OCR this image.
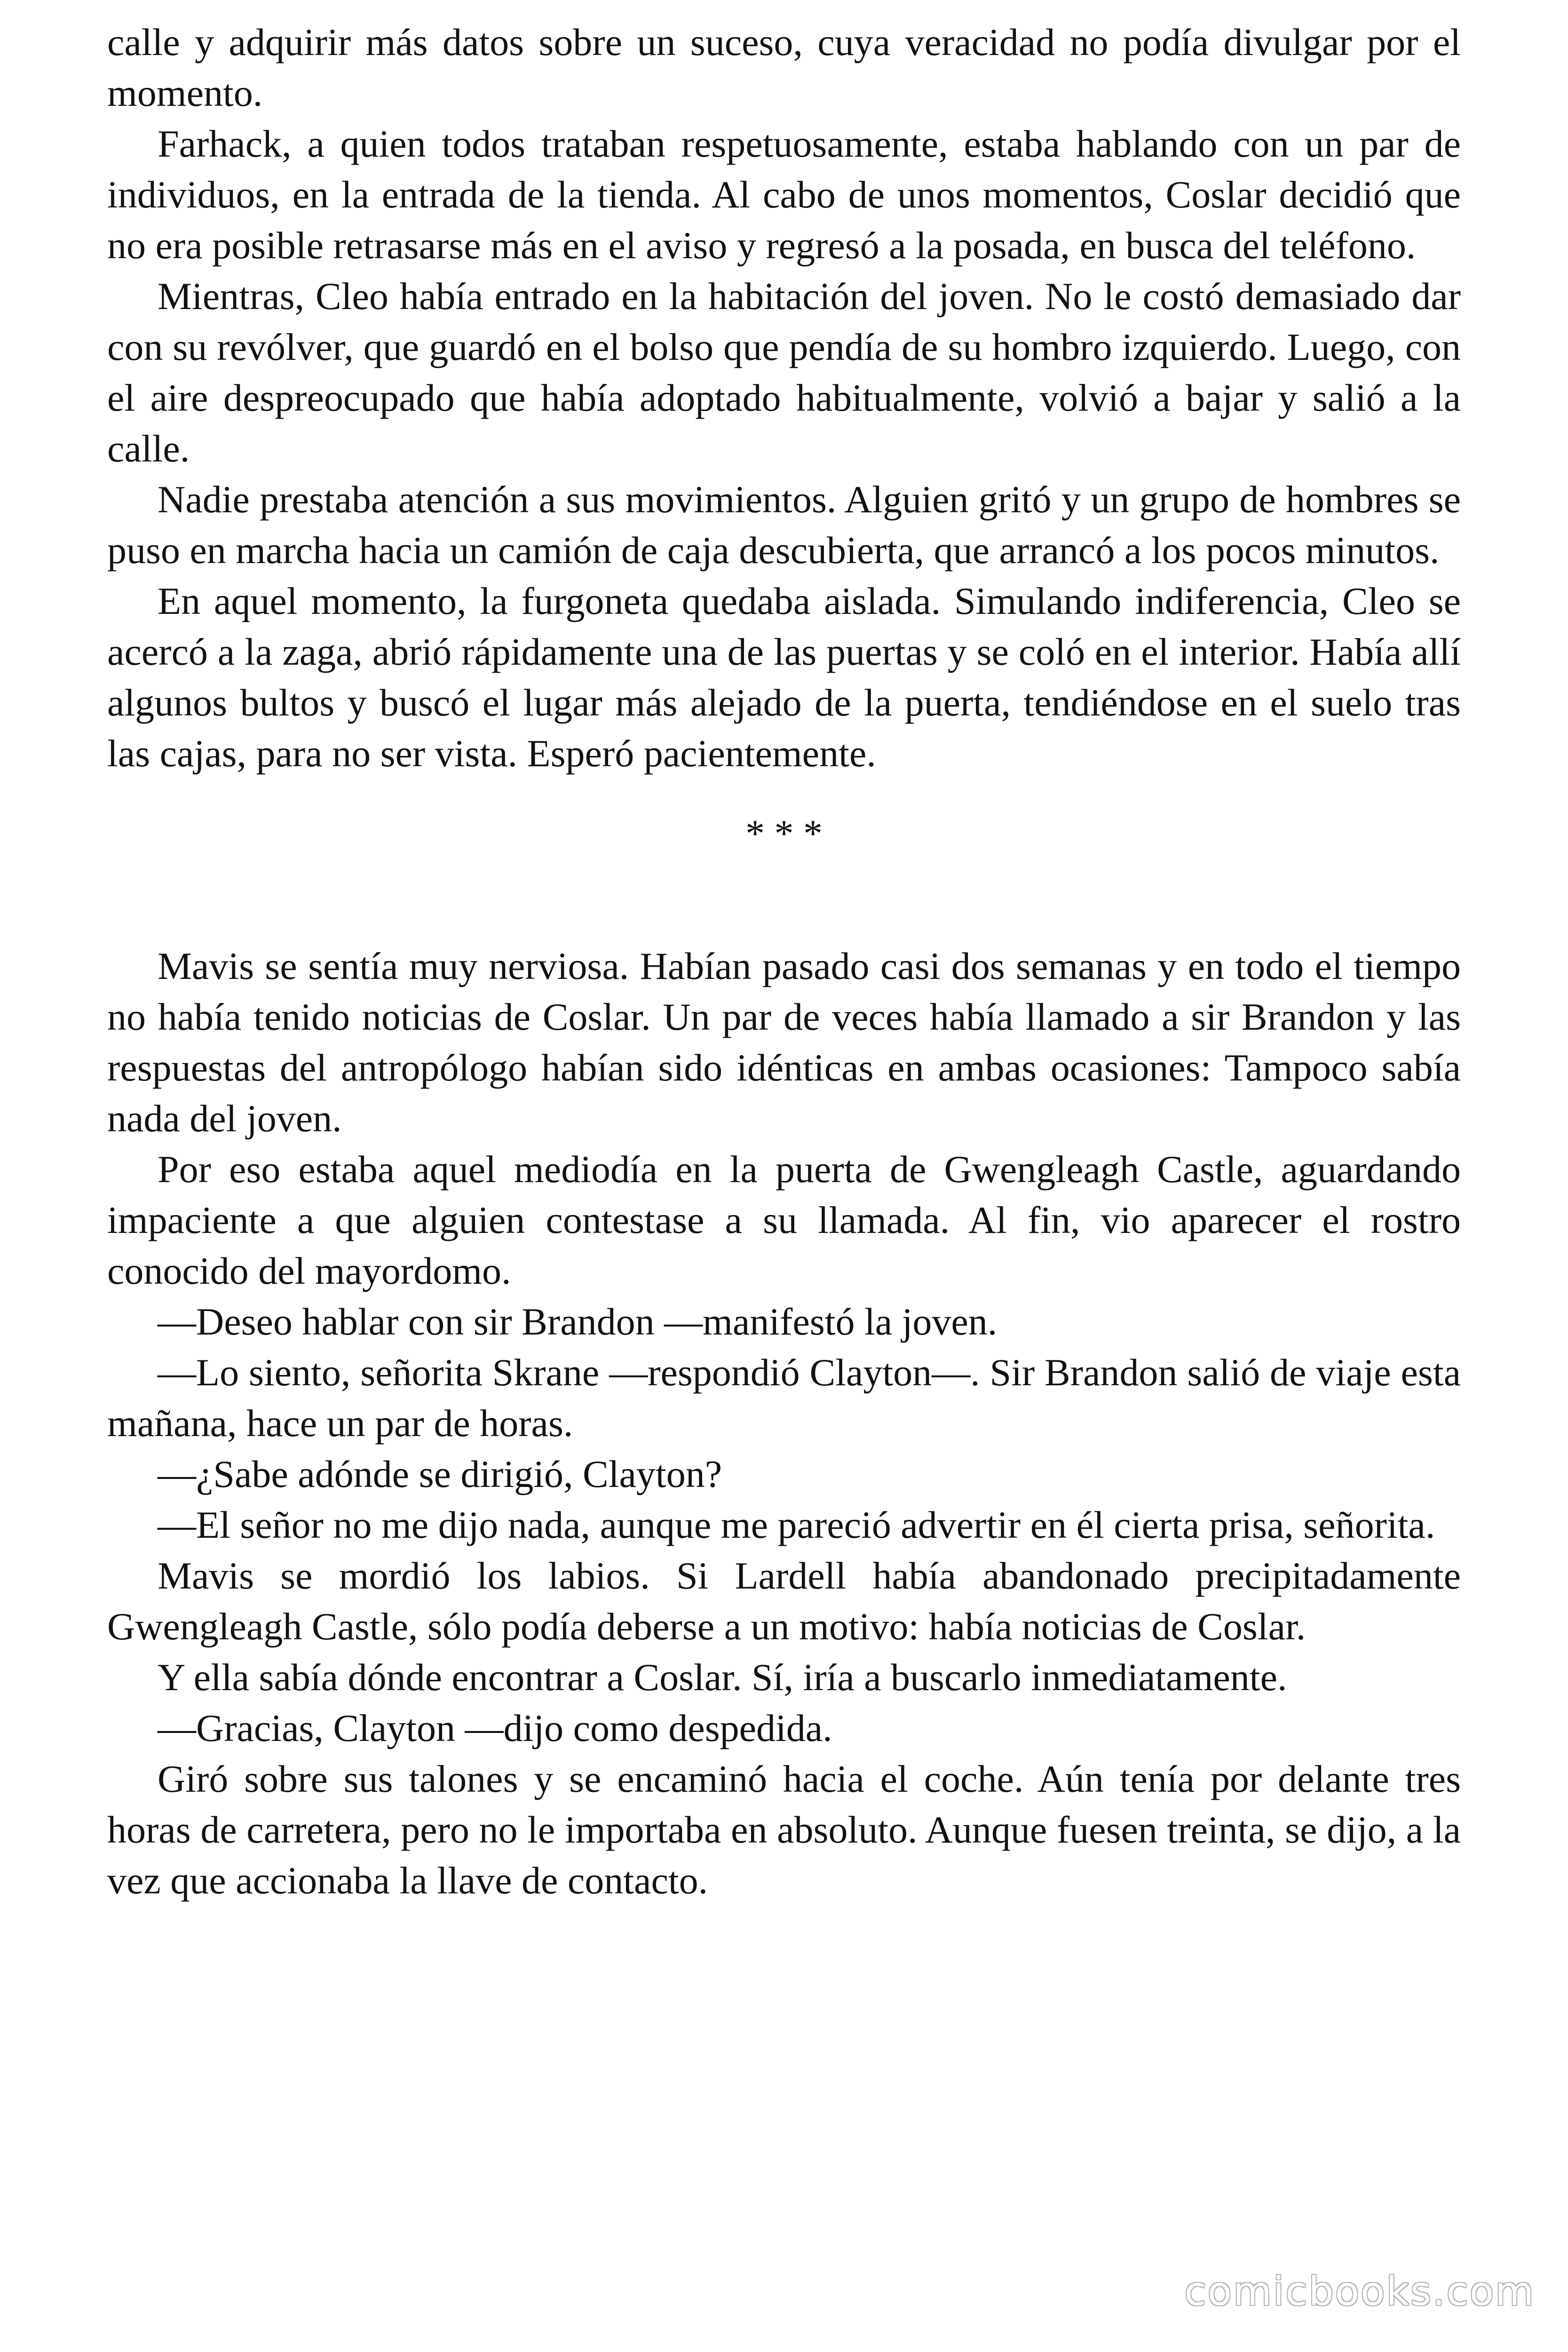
calle y adquirir más datos sobre un suceso, cuya veracidad no podía divulgar por el momento.

Farhack, a quien todos trataban respetuosamente, estaba hablando con un par de individuos, en la entrada de la tienda. Al cabo de unos momentos, Coslar decidió que no era posible retrasarse más en el aviso y regresó a la posada, en busca del teléfono.

Mientras, Cleo había entrado en la habitación del joven. No le costó demasiado dar con su revólver, que guardó en el bolso que pendía de su hombro izquierdo. Luego, con el aire despreocupado que había adoptado habitualmente, volvió a bajar y salió a la calle.

Nadie prestaba atención a sus movimientos. Alguien gritó y un grupo de hombres se puso en marcha hacia un camión de caja descubierta, que arrancó a los pocos minutos.

En aquel momento, la furgoneta quedaba aislada. Simulando indiferencia, Cleo se acercó a la zaga, abrió rápidamente una de las puertas y se coló en el interior. Había allí algunos bultos y buscó el lugar más alejado de la puerta, tendiéndose en el suelo tras las cajas, para no ser vista. Esperó pacientemente.

* * *

Mavis se sentía muy nerviosa. Habían pasado casi dos semanas y en todo el tiempo no había tenido noticias de Coslar. Un par de veces había llamado a sir Brandon y las respuestas del antropólogo habían sido idénticas en ambas ocasiones: Tampoco sabía nada del joven.

Por eso estaba aquel mediodía en la puerta de Gwengleagh Castle, aguardando impaciente a que alguien contestase a su llamada. Al fin, vio aparecer el rostro conocido del mayordomo.

—Deseo hablar con sir Brandon —manifestó la joven.

—Lo siento, señorita Skrane —respondió Clayton—. Sir Brandon salió de viaje esta mañana, hace un par de horas.

—¿Sabe adónde se dirigió, Clayton?

—El señor no me dijo nada, aunque me pareció advertir en él cierta prisa, señorita.

Mavis se mordió los labios. Si Lardell había abandonado precipitadamente Gwengleagh Castle, sólo podía deberse a un motivo: había noticias de Coslar.

Y ella sabía dónde encontrar a Coslar. Sí, iría a buscarlo inmediatamente.

—Gracias, Clayton —dijo como despedida.

Giró sobre sus talones y se encaminó hacia el coche. Aún tenía por delante tres horas de carretera, pero no le importaba en absoluto. Aunque fuesen treinta, se dijo, a la vez que accionaba la llave de contacto.

comicbooks.com
